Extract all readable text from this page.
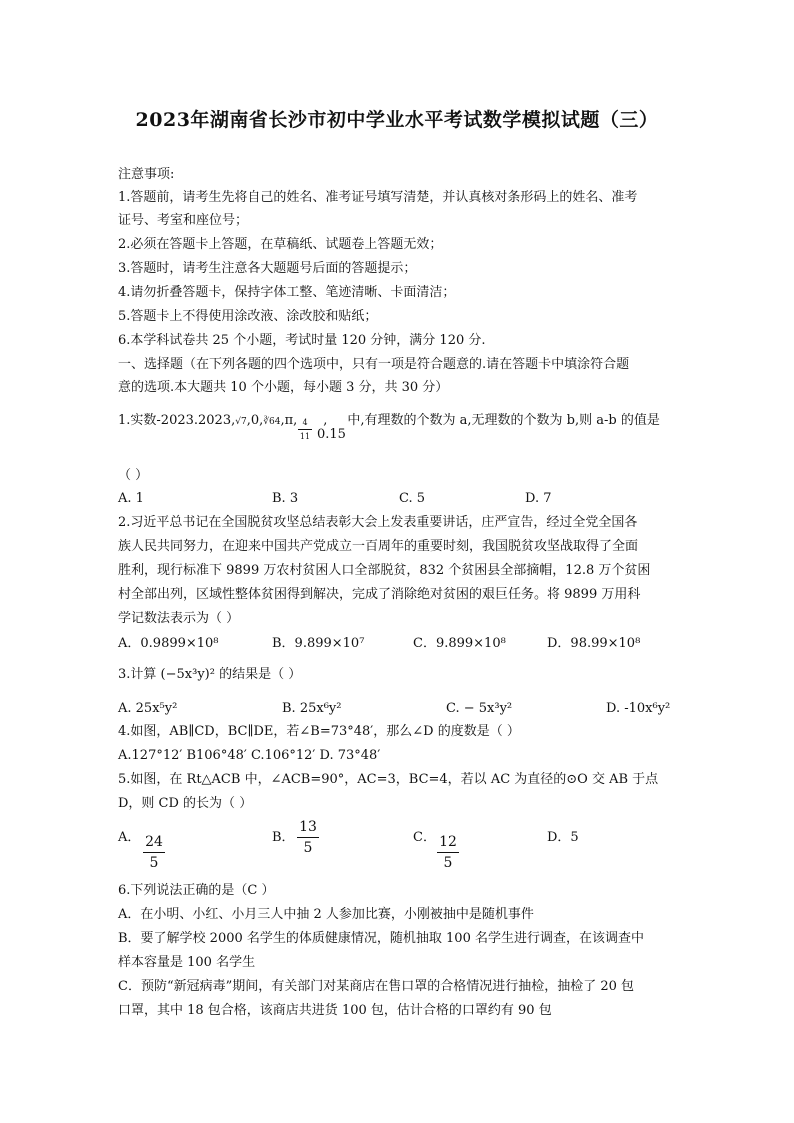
2023年湖南省长沙市初中学业水平考试数学模拟试题（三）
注意事项:
1.答题前，请考生先将自己的姓名、准考证号填写清楚，并认真核对条形码上的姓名、准考
证号、考室和座位号；
2.必须在答题卡上答题，在草稿纸、试题卷上答题无效；
3.答题时，请考生注意各大题题号后面的答题提示；
4.请勿折叠答题卡，保持字体工整、笔迹清晰、卡面清洁；
5.答题卡上不得使用涂改液、涂改胶和贴纸；
6.本学科试卷共 25 个小题，考试时量 120 分钟，满分 120 分.
一、选择题（在下列各题的四个选项中，只有一项是符合题意的.请在答题卡中填涂符合题
意的选项.本大题共 10 个小题，每小题 3 分，共 30 分）
1.实数-2023.2023,√7,0,∛64,π, , 中,有理数的个数为 a,无理数的个数为 b,则 a-b 的值是
4
11 0.15
（ ）
A. 1	B. 3	C. 5	D. 7
2.习近平总书记在全国脱贫攻坚总结表彰大会上发表重要讲话，庄严宣告，经过全党全国各
族人民共同努力，在迎来中国共产党成立一百周年的重要时刻，我国脱贫攻坚战取得了全面
胜利，现行标准下 9899 万农村贫困人口全部脱贫，832 个贫困县全部摘帽，12.8 万个贫困
村全部出列，区域性整体贫困得到解决，完成了消除绝对贫困的艰巨任务。将 9899 万用科
学记数法表示为（ ）
A．0.9899×10⁸	B．9.899×10⁷	C．9.899×10⁸	D．98.99×10⁸
3.计算 (−5x³y)² 的结果是（ ）
A. 25x⁵y²	B. 25x⁶y²	C. − 5x³y²	D. -10x⁶y²
4.如图，AB∥CD，BC∥DE，若∠B=73°48′，那么∠D 的度数是（ ）
A.127°12′ B106°48′ C.106°12′ D. 73°48′
5.如图，在 Rt△ACB 中，∠ACB=90°，AC=3，BC=4，若以 AC 为直径的⊙O 交 AB 于点
D，则 CD 的长为（ ）
A． 24
5
B．
13
5
C． 12
5
D．5
6.下列说法正确的是（C ）
A．在小明、小红、小月三人中抽 2 人参加比赛，小刚被抽中是随机事件
B．要了解学校 2000 名学生的体质健康情况，随机抽取 100 名学生进行调查，在该调查中
样本容量是 100 名学生
C．预防“新冠病毒”期间，有关部门对某商店在售口罩的合格情况进行抽检，抽检了 20 包
口罩，其中 18 包合格，该商店共进货 100 包，估计合格的口罩约有 90 包
